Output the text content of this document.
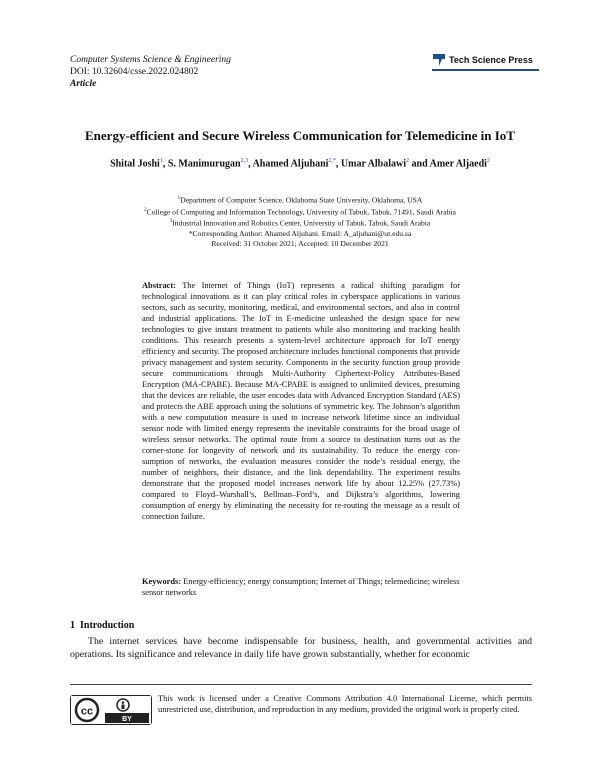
Computer Systems Science & Engineering
DOI: 10.32604/csse.2022.024802
Article
Tech Science Press
Energy-efficient and Secure Wireless Communication for Telemedicine in IoT
Shital Joshi$^1$, S. Manimurugan$^{2,3}$, Ahamed Aljuhani$^{2,*}$, Umar Albalawi$^2$ and Amer Aljaedi$^2$
$^1$Department of Computer Science, Oklahoma State University, Oklahoma, USA
$^2$College of Computing and Information Technology, University of Tabuk, Tabuk, 71491, Saudi Arabia
$^3$Industrial Innovation and Robotics Center, University of Tabuk, Tabuk, Saudi Arabia
*Corresponding Author: Ahamed Aljuhani. Email: A_aljuhani@ut.edu.sa
Received: 31 October 2021; Accepted: 10 December 2021
Abstract: The Internet of Things (IoT) represents a radical shifting paradigm for technological innovations as it can play critical roles in cyberspace applications in various sectors, such as security, monitoring, medical, and environmental sectors, and also in control and industrial applications. The IoT in E-medicine unleashed the design space for new technologies to give instant treatment to patients while also monitoring and tracking health conditions. This research presents a system-level architecture approach for IoT energy efficiency and security. The proposed architecture includes functional components that provide privacy management and system security. Components in the security function group provide secure communications through Multi-Authority Ciphertext-Policy Attributes-Based Encryption (MA-CPABE). Because MA-CPABE is assigned to unlimited devices, presuming that the devices are reliable, the user encodes data with Advanced Encryption Standard (AES) and protects the ABE approach using the solutions of symmetric key. The Johnson’s algorithm with a new computation measure is used to increase network lifetime since an individual sensor node with limited energy represents the inevitable constraints for the broad usage of wireless sensor networks. The optimal route from a source to destination turns out as the corner-stone for longevity of network and its sustainability. To reduce the energy con-sumption of networks, the evaluation measures consider the node’s residual energy, the number of neighbors, their distance, and the link dependability. The experiment results demonstrate that the proposed model increases network life by about 12.25% (27.73%) compared to Floyd–Warshall’s, Bellman–Ford’s, and Dijkstra’s algorithms, lowering consumption of energy by eliminating the necessity for re-routing the message as a result of connection failure.
Keywords: Energy-efficiency; energy consumption; Internet of Things; telemedicine; wireless sensor networks
1 Introduction
The internet services have become indispensable for business, health, and governmental activities and operations. Its significance and relevance in daily life have grown substantially, whether for economic
cc
BY
This work is licensed under a Creative Commons Attribution 4.0 International License, which permits unrestricted use, distribution, and reproduction in any medium, provided the original work is properly cited.
